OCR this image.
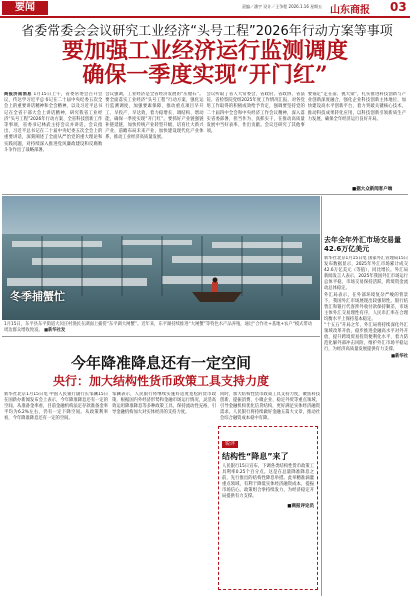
要闻	责编／潘宇 设计／王争程 2026.1.16 星期五 山东商报 03
省委常委会会议研究工业经济“头号工程”2026年行动方案等事项
要加强工业经济运行监测调度
确保一季度实现“开门红”
商报济南消息 1月15日上午，省委常委会召开会议，传达学习近平总书记在二十届中央纪委五次全会上的重要讲话精神和全会精神，以及习近平总书记在全省干部大会上讲话精神，研究我省工业经济“头号工程”2026年行动方案、全省科技创新工作等事项，省委书记林武主持会议并讲话。会议指出，习近平总书记在二十届中央纪委五次全会上的重要讲话，深刻阐述了全面从严治党的重大理论和实践问题，对持续深入推进党风廉政建设和反腐败斗争作出了战略部署。
会议强调，工业经济是全省经济发展的“压舱石”。要全面落实工业经济“头号工程”行动方案，强化运行监测调度，加强要素保障，推动重点项目早开工、早投产、早达效，着力稳增长、调结构、增动能，确保一季度实现“开门红”。要抓好产业链强链补链延链，加快传统产业转型升级，培育壮大新兴产业，前瞻布局未来产业，加快建设现代化产业体系，推动工业经济高质量发展。
会议听取了省人大常委会、省政府、省政协、省法院、省检察院党组2025年度工作情况汇报，对各党组工作取得的积极成效给予肯定，强调要坚持党的二十届四中全会和中央经济工作会议精神，深入落实省委部署，担当作为、真抓实干，在推动高质量发展中当好表率、作出贡献。会议还研究了其他事项。
要锚定“走在前、挑大梁”，扎实推进科技创新与产业创新深度融合，强化企业科技创新主体地位，加快建设高水平创新平台，着力突破关键核心技术，推动科技成果转化应用，以科技创新引领新质生产力发展，确保全年经济运行良好开局。
■据大众新闻客户端
冬季捕蟹忙
1月15日，东平县东平街道大闵庄村渔民在湖面上捕捞“东平湖大闸蟹”。近年来，东平湖持续推进“大闸蟹”等特色水产品养殖，通过“合作社+基地+农户“模式带动周边群众增收致富。 ■新华社发
去年全年外汇市场交易量42.6万亿美元

新华社北京1月15日电 国家外汇管理局15日发布数据显示，2025年外汇市场累计成交42.6万亿美元（等值），同比增长。外汇局新闻发言人表示，2025年我国外汇市场运行总体平稳，市场交易保持活跃，跨境资金流动总体稳定。

外汇局表示，在外部环境复杂严峻的背景下，我国外汇市场展现出较强韧性。银行结售汇和银行代客涉外收付款保持顺差，市场主体外汇交易理性有序，人民币汇率在合理均衡水平上保持基本稳定。

“十五五”开局之年，外汇局将持续深化外汇领域改革开放，稳步推进金融高水平对外开放，提升跨境贸易投资便利化水平，着力防范化解外部冲击风险，维护外汇市场平稳运行，为经济高质量发展提供有力支撑。

■新华社

今年降准降息还有一定空间
央行：加大结构性货币政策工具支持力度
新华社北京1月15日电 中国人民银行副行长邹澜15日在国新办新闻发布会上表示，今年降准降息还有一定的空间。从准备金率看，目前金融机构法定存款准备金率平均为6.2%左右，仍有一定下降空间。从政策利率看，今年降准降息还有一定的空间。
邹澜表示，人民银行将继续实施好适度宽松的货币政策，根据国内外经济形势和金融市场运行情况，灵活高效运用降准降息等多种政策工具，保持流动性充裕，引导金融机构加大对实体经济的支持力度。
同时，加大结构性货币政策工具支持力度，聚焦科技创新、提振消费、小微企业、稳定外贸等重点领域，引导金融机构优化信贷结构，更好满足实体经济融资需求。人民银行将持续做好金融五篇大文章，推动社会综合融资成本稳中有降。
锐评
结构性“降息”来了
人民银行15日宣布，下调各类结构性货币政策工具利率0.25个百分点。这是在总量降准降息之前，先行推出的结构性降息举措。此举精准滴灌重点领域，有利于降低实体经济融资成本，提振市场信心。政策组合拳持续发力，为经济稳定开局提供有力支撑。
■商报评论员
